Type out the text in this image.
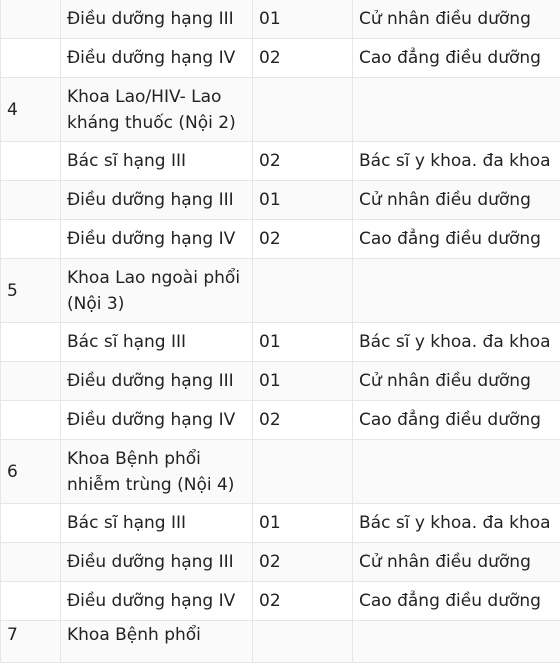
	Điều dưỡng hạng III	01	Cử nhân điều dưỡng
	Điều dưỡng hạng IV	02	Cao đẳng điều dưỡng
4	Khoa Lao/HIV- Lao kháng thuốc (Nội 2)		
	Bác sĩ hạng III	02	Bác sĩ y khoa. đa khoa
	Điều dưỡng hạng III	01	Cử nhân điều dưỡng
	Điều dưỡng hạng IV	02	Cao đẳng điều dưỡng
5	Khoa Lao ngoài phổi (Nội 3)		
	Bác sĩ hạng III	01	Bác sĩ y khoa. đa khoa
	Điều dưỡng hạng III	01	Cử nhân điều dưỡng
	Điều dưỡng hạng IV	02	Cao đẳng điều dưỡng
6	Khoa Bệnh phổi nhiễm trùng (Nội 4)		
	Bác sĩ hạng III	01	Bác sĩ y khoa. đa khoa
	Điều dưỡng hạng III	02	Cử nhân điều dưỡng
	Điều dưỡng hạng IV	02	Cao đẳng điều dưỡng
7	Khoa Bệnh phổi		
